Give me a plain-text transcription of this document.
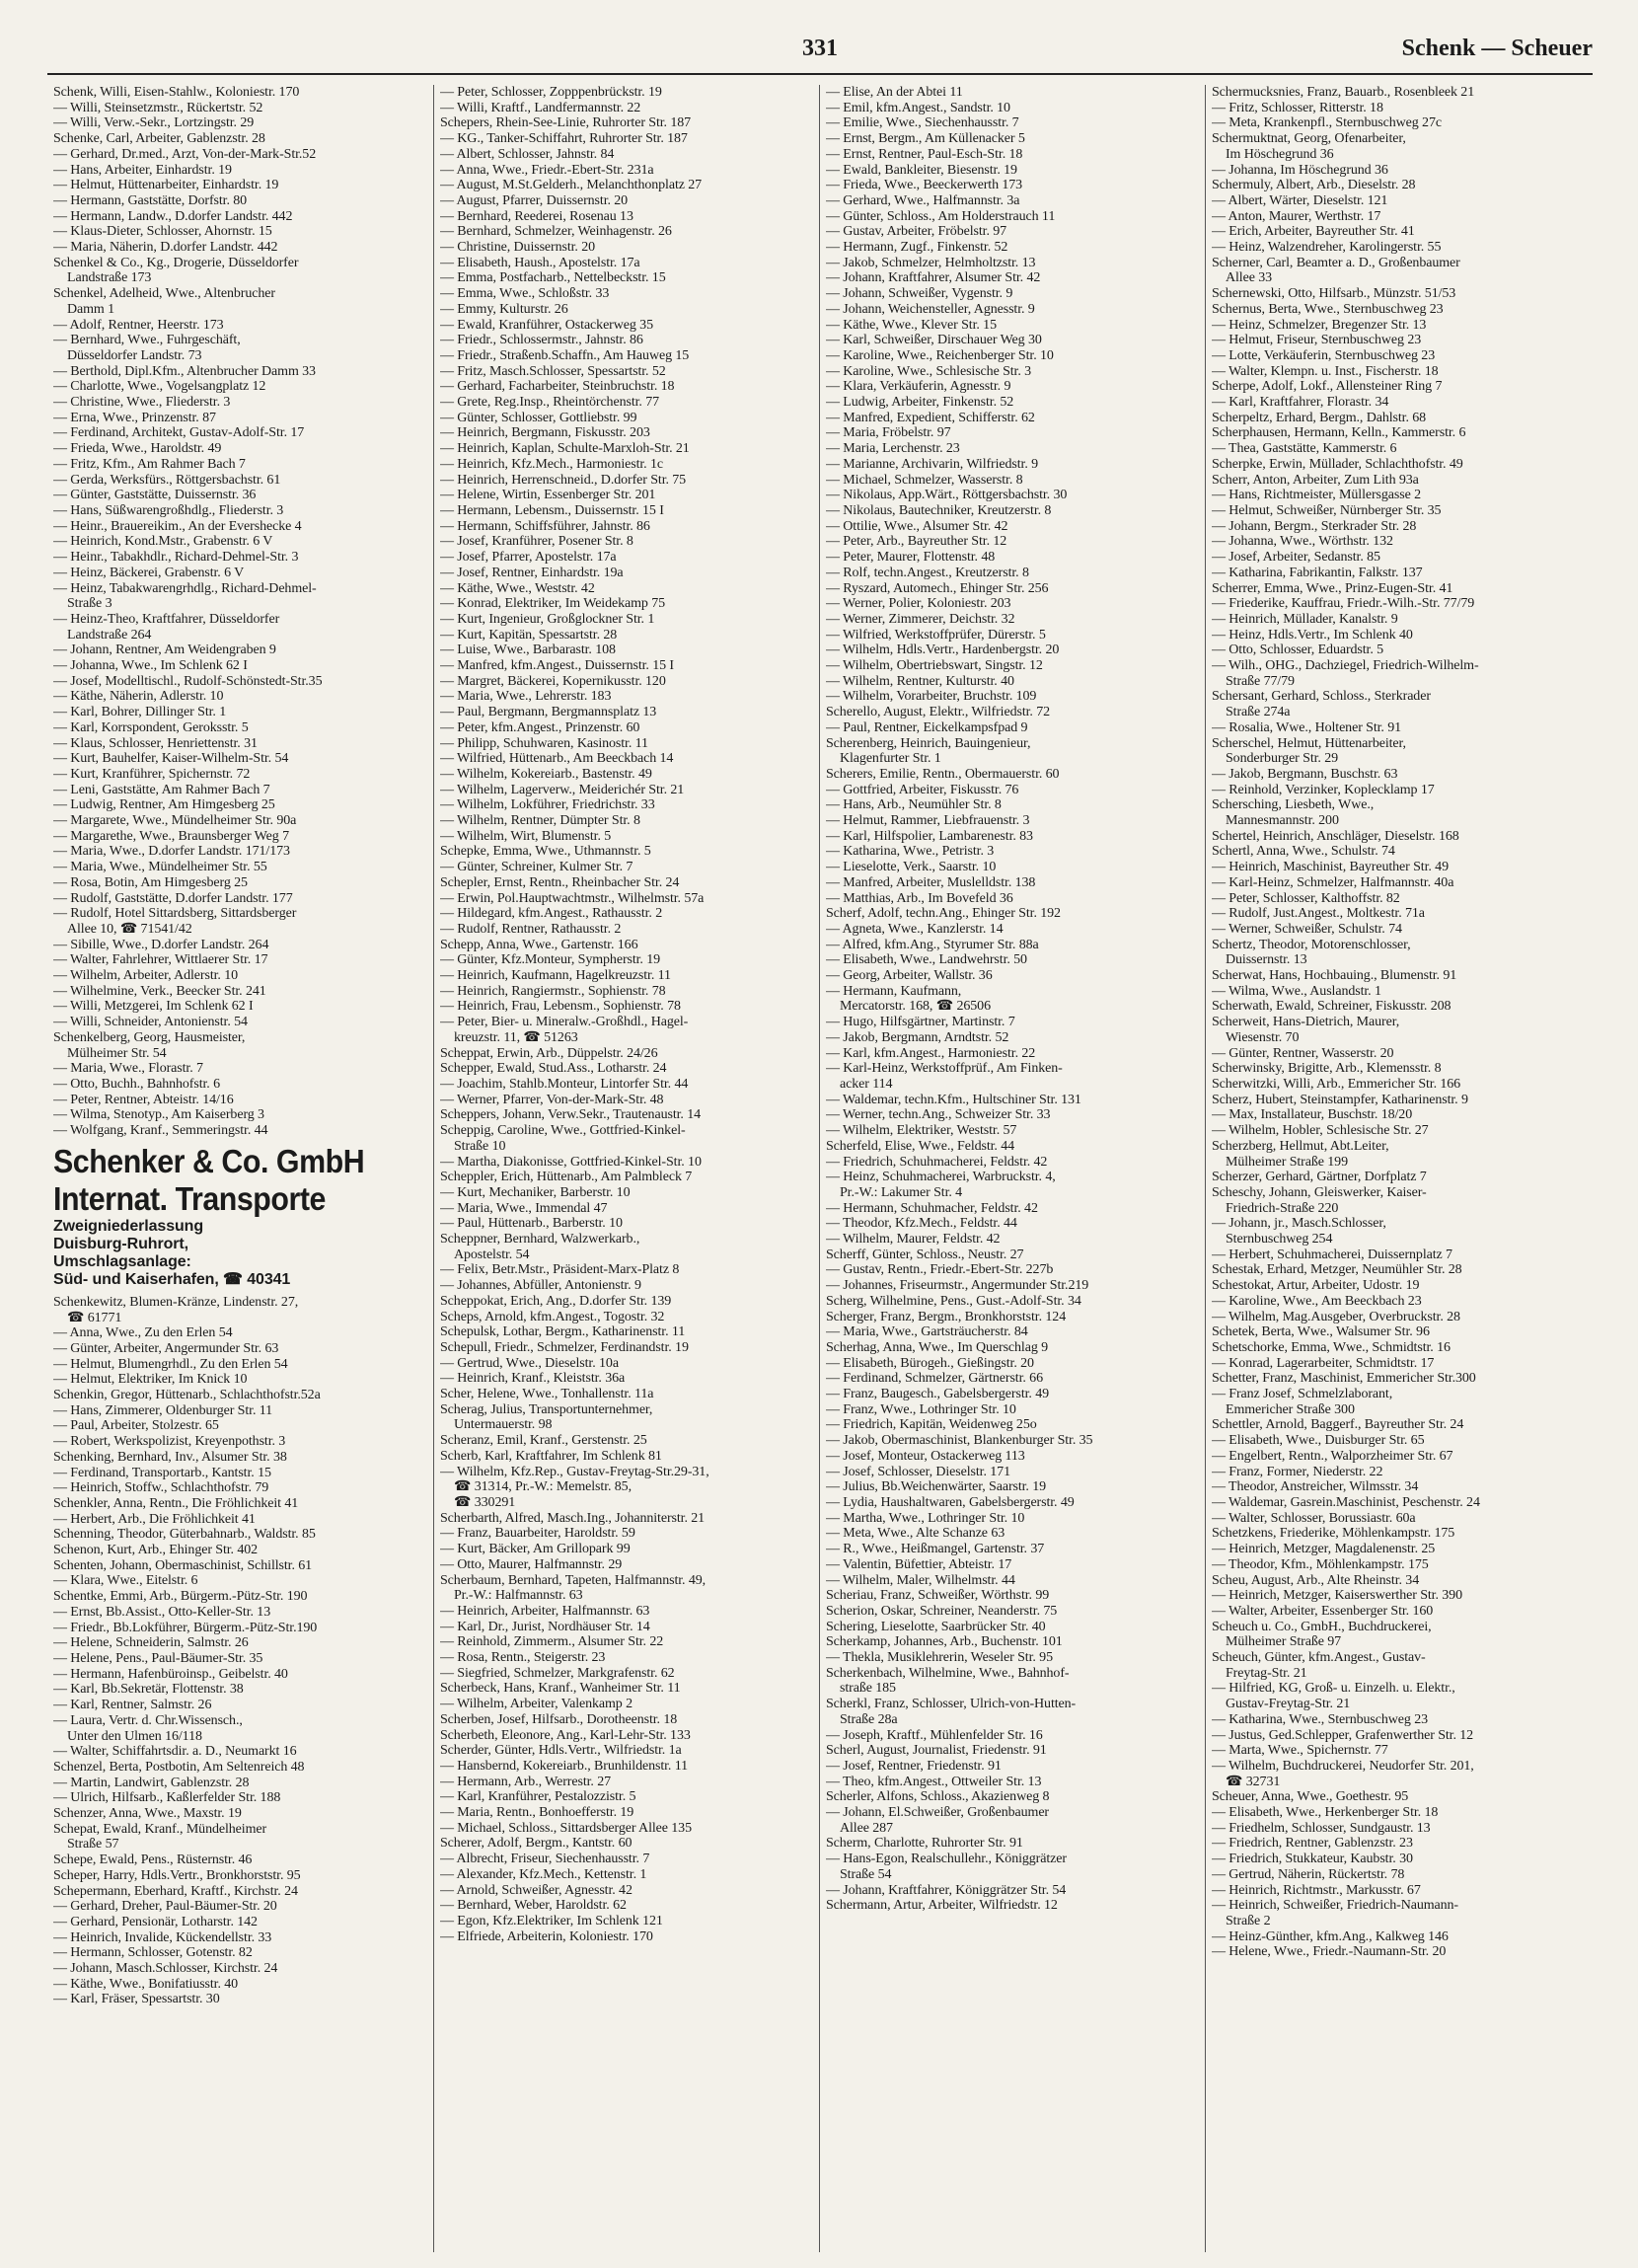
331	Schenk — Scheuer
Schenk, Willi, Eisen-Stahlw., Koloniestr. 170
— Willi, Steinsetzmstr., Rückertstr. 52
— Willi, Verw.-Sekr., Lortzingstr. 29
Schenke, Carl, Arbeiter, Gablenzstr. 28
— Gerhard, Dr.med., Arzt, Von-der-Mark-Str.52
— Hans, Arbeiter, Einhardstr. 19
— Helmut, Hüttenarbeiter, Einhardstr. 19
— Hermann, Gaststätte, Dorfstr. 80
— Hermann, Landw., D.dorfer Landstr. 442
— Klaus-Dieter, Schlosser, Ahornstr. 15
— Maria, Näherin, D.dorfer Landstr. 442
Schenkel & Co., Kg., Drogerie, Düsseldorfer
Landstraße 173
Schenkel, Adelheid, Wwe., Altenbrucher
Damm 1
— Adolf, Rentner, Heerstr. 173
— Bernhard, Wwe., Fuhrgeschäft,
Düsseldorfer Landstr. 73
— Berthold, Dipl.Kfm., Altenbrucher Damm 33
— Charlotte, Wwe., Vogelsangplatz 12
— Christine, Wwe., Fliederstr. 3
— Erna, Wwe., Prinzenstr. 87
— Ferdinand, Architekt, Gustav-Adolf-Str. 17
— Frieda, Wwe., Haroldstr. 49
— Fritz, Kfm., Am Rahmer Bach 7
— Gerda, Werksfürs., Röttgersbachstr. 61
— Günter, Gaststätte, Duissernstr. 36
— Hans, Süßwarengroßhdlg., Fliederstr. 3
— Heinr., Brauereikim., An der Evershecke 4
— Heinrich, Kond.Mstr., Grabenstr. 6 V
— Heinr., Tabakhdlr., Richard-Dehmel-Str. 3
— Heinz, Bäckerei, Grabenstr. 6 V
— Heinz, Tabakwarengrhdlg., Richard-Dehmel-
Straße 3
— Heinz-Theo, Kraftfahrer, Düsseldorfer
Landstraße 264
— Johann, Rentner, Am Weidengraben 9
— Johanna, Wwe., Im Schlenk 62 I
— Josef, Modelltischl., Rudolf-Schönstedt-Str.35
— Käthe, Näherin, Adlerstr. 10
— Karl, Bohrer, Dillinger Str. 1
— Karl, Korrspondent, Geroksstr. 5
— Klaus, Schlosser, Henriettenstr. 31
— Kurt, Bauhelfer, Kaiser-Wilhelm-Str. 54
— Kurt, Kranführer, Spichernstr. 72
— Leni, Gaststätte, Am Rahmer Bach 7
— Ludwig, Rentner, Am Himgesberg 25
— Margarete, Wwe., Mündelheimer Str. 90a
— Margarethe, Wwe., Braunsberger Weg 7
— Maria, Wwe., D.dorfer Landstr. 171/173
— Maria, Wwe., Mündelheimer Str. 55
— Rosa, Botin, Am Himgesberg 25
— Rudolf, Gaststätte, D.dorfer Landstr. 177
— Rudolf, Hotel Sittardsberg, Sittardsberger
Allee 10, ☎ 71541/42
— Sibille, Wwe., D.dorfer Landstr. 264
— Walter, Fahrlehrer, Wittlaerer Str. 17
— Wilhelm, Arbeiter, Adlerstr. 10
— Wilhelmine, Verk., Beecker Str. 241
— Willi, Metzgerei, Im Schlenk 62 I
— Willi, Schneider, Antonienstr. 54
Schenkelberg, Georg, Hausmeister,
Mülheimer Str. 54
— Maria, Wwe., Florastr. 7
— Otto, Buchh., Bahnhofstr. 6
— Peter, Rentner, Abteistr. 14/16
— Wilma, Stenotyp., Am Kaiserberg 3
— Wolfgang, Kranf., Semmeringstr. 44
Schenker & Co. GmbH
Internat. Transporte
Zweigniederlassung
Duisburg-Ruhrort,
Umschlagsanlage:
Süd- und Kaiserhafen, ☎ 40341
Schenkewitz, Blumen-Kränze, Lindenstr. 27,
☎ 61771
— Anna, Wwe., Zu den Erlen 54
— Günter, Arbeiter, Angermunder Str. 63
— Helmut, Blumengrhdl., Zu den Erlen 54
— Helmut, Elektriker, Im Knick 10
Schenkin, Gregor, Hüttenarb., Schlachthofstr.52a
— Hans, Zimmerer, Oldenburger Str. 11
— Paul, Arbeiter, Stolzestr. 65
— Robert, Werkspolizist, Kreyenpothstr. 3
Schenking, Bernhard, Inv., Alsumer Str. 38
— Ferdinand, Transportarb., Kantstr. 15
— Heinrich, Stoffw., Schlachthofstr. 79
Schenkler, Anna, Rentn., Die Fröhlichkeit 41
— Herbert, Arb., Die Fröhlichkeit 41
Schenning, Theodor, Güterbahnarb., Waldstr. 85
Schenon, Kurt, Arb., Ehinger Str. 402
Schenten, Johann, Obermaschinist, Schillstr. 61
— Klara, Wwe., Eitelstr. 6
Schentke, Emmi, Arb., Bürgerm.-Pütz-Str. 190
— Ernst, Bb.Assist., Otto-Keller-Str. 13
— Friedr., Bb.Lokführer, Bürgerm.-Pütz-Str.190
— Helene, Schneiderin, Salmstr. 26
— Helene, Pens., Paul-Bäumer-Str. 35
— Hermann, Hafenbüroinsp., Geibelstr. 40
— Karl, Bb.Sekretär, Flottenstr. 38
— Karl, Rentner, Salmstr. 26
— Laura, Vertr. d. Chr.Wissensch.,
Unter den Ulmen 16/118
— Walter, Schiffahrtsdir. a. D., Neumarkt 16
Schenzel, Berta, Postbotin, Am Seltenreich 48
— Martin, Landwirt, Gablenzstr. 28
— Ulrich, Hilfsarb., Kaßlerfelder Str. 188
Schenzer, Anna, Wwe., Maxstr. 19
Schepat, Ewald, Kranf., Mündelheimer
Straße 57
Schepe, Ewald, Pens., Rüsternstr. 46
Scheper, Harry, Hdls.Vertr., Bronkhorststr. 95
Schepermann, Eberhard, Kraftf., Kirchstr. 24
— Gerhard, Dreher, Paul-Bäumer-Str. 20
— Gerhard, Pensionär, Lotharstr. 142
— Heinrich, Invalide, Kückendellstr. 33
— Hermann, Schlosser, Gotenstr. 82
— Johann, Masch.Schlosser, Kirchstr. 24
— Käthe, Wwe., Bonifatiusstr. 40
— Karl, Fräser, Spessartstr. 30
— Peter, Schlosser, Zopppenbrückstr. 19
— Willi, Kraftf., Landfermannstr. 22
Schepers, Rhein-See-Linie, Ruhrorter Str. 187
— KG., Tanker-Schiffahrt, Ruhrorter Str. 187
— Albert, Schlosser, Jahnstr. 84
— Anna, Wwe., Friedr.-Ebert-Str. 231a
— August, M.St.Gelderh., Melanchthonplatz 27
— August, Pfarrer, Duissernstr. 20
— Bernhard, Reederei, Rosenau 13
— Bernhard, Schmelzer, Weinhagenstr. 26
— Christine, Duissernstr. 20
— Elisabeth, Haush., Apostelstr. 17a
— Emma, Postfacharb., Nettelbeckstr. 15
— Emma, Wwe., Schloßstr. 33
— Emmy, Kulturstr. 26
— Ewald, Kranführer, Ostackerweg 35
— Friedr., Schlossermstr., Jahnstr. 86
— Friedr., Straßenb.Schaffn., Am Hauweg 15
— Fritz, Masch.Schlosser, Spessartstr. 52
— Gerhard, Facharbeiter, Steinbruchstr. 18
— Grete, Reg.Insp., Rheintörchenstr. 77
— Günter, Schlosser, Gottliebstr. 99
— Heinrich, Bergmann, Fiskusstr. 203
— Heinrich, Kaplan, Schulte-Marxloh-Str. 21
— Heinrich, Kfz.Mech., Harmoniestr. 1c
— Heinrich, Herrenschneid., D.dorfer Str. 75
— Helene, Wirtin, Essenberger Str. 201
— Hermann, Lebensm., Duissernstr. 15 I
— Hermann, Schiffsführer, Jahnstr. 86
— Josef, Kranführer, Posener Str. 8
— Josef, Pfarrer, Apostelstr. 17a
— Josef, Rentner, Einhardstr. 19a
— Käthe, Wwe., Weststr. 42
— Konrad, Elektriker, Im Weidekamp 75
— Kurt, Ingenieur, Großglockner Str. 1
— Kurt, Kapitän, Spessartstr. 28
— Luise, Wwe., Barbarastr. 108
— Manfred, kfm.Angest., Duissernstr. 15 I
— Margret, Bäckerei, Kopernikusstr. 120
— Maria, Wwe., Lehrerstr. 183
— Paul, Bergmann, Bergmannsplatz 13
— Peter, kfm.Angest., Prinzenstr. 60
— Philipp, Schuhwaren, Kasinostr. 11
— Wilfried, Hüttenarb., Am Beeckbach 14
— Wilhelm, Kokereiarb., Bastenstr. 49
— Wilhelm, Lagerverw., Meiderichér Str. 21
— Wilhelm, Lokführer, Friedrichstr. 33
— Wilhelm, Rentner, Dümpter Str. 8
— Wilhelm, Wirt, Blumenstr. 5
Schepke, Emma, Wwe., Uthmannstr. 5
— Günter, Schreiner, Kulmer Str. 7
Schepler, Ernst, Rentn., Rheinbacher Str. 24
— Erwin, Pol.Hauptwachtmstr., Wilhelmstr. 57a
— Hildegard, kfm.Angest., Rathausstr. 2
— Rudolf, Rentner, Rathausstr. 2
Schepp, Anna, Wwe., Gartenstr. 166
— Günter, Kfz.Monteur, Sympherstr. 19
— Heinrich, Kaufmann, Hagelkreuzstr. 11
— Heinrich, Rangiermstr., Sophienstr. 78
— Heinrich, Frau, Lebensm., Sophienstr. 78
— Peter, Bier- u. Mineralw.-Großhdl., Hagel-
kreuzstr. 11, ☎ 51263
Scheppat, Erwin, Arb., Düppelstr. 24/26
Schepper, Ewald, Stud.Ass., Lotharstr. 24
— Joachim, Stahlb.Monteur, Lintorfer Str. 44
— Werner, Pfarrer, Von-der-Mark-Str. 48
Scheppers, Johann, Verw.Sekr., Trautenaustr. 14
Scheppig, Caroline, Wwe., Gottfried-Kinkel-
Straße 10
— Martha, Diakonisse, Gottfried-Kinkel-Str. 10
Scheppler, Erich, Hüttenarb., Am Palmbleck 7
— Kurt, Mechaniker, Barberstr. 10
— Maria, Wwe., Immendal 47
— Paul, Hüttenarb., Barberstr. 10
Scheppner, Bernhard, Walzwerkarb.,
Apostelstr. 54
— Felix, Betr.Mstr., Präsident-Marx-Platz 8
— Johannes, Abfüller, Antonienstr. 9
Scheppokat, Erich, Ang., D.dorfer Str. 139
Scheps, Arnold, kfm.Angest., Togostr. 32
Schepulsk, Lothar, Bergm., Katharinenstr. 11
Schepull, Friedr., Schmelzer, Ferdinandstr. 19
— Gertrud, Wwe., Dieselstr. 10a
— Heinrich, Kranf., Kleiststr. 36a
Scher, Helene, Wwe., Tonhallenstr. 11a
Scherag, Julius, Transportunternehmer,
Untermauerstr. 98
Scheranz, Emil, Kranf., Gerstenstr. 25
Scherb, Karl, Kraftfahrer, Im Schlenk 81
— Wilhelm, Kfz.Rep., Gustav-Freytag-Str.29-31,
☎ 31314, Pr.-W.: Memelstr. 85,
☎ 330291
Scherbarth, Alfred, Masch.Ing., Johanniterstr. 21
— Franz, Bauarbeiter, Haroldstr. 59
— Kurt, Bäcker, Am Grillopark 99
— Otto, Maurer, Halfmannstr. 29
Scherbaum, Bernhard, Tapeten, Halfmannstr. 49,
Pr.-W.: Halfmannstr. 63
— Heinrich, Arbeiter, Halfmannstr. 63
— Karl, Dr., Jurist, Nordhäuser Str. 14
— Reinhold, Zimmerm., Alsumer Str. 22
— Rosa, Rentn., Steigerstr. 23
— Siegfried, Schmelzer, Markgrafenstr. 62
Scherbeck, Hans, Kranf., Wanheimer Str. 11
— Wilhelm, Arbeiter, Valenkamp 2
Scherben, Josef, Hilfsarb., Dorotheenstr. 18
Scherbeth, Eleonore, Ang., Karl-Lehr-Str. 133
Scherder, Günter, Hdls.Vertr., Wilfriedstr. 1a
— Hansbernd, Kokereiarb., Brunhildenstr. 11
— Hermann, Arb., Werrestr. 27
— Karl, Kranführer, Pestalozzistr. 5
— Maria, Rentn., Bonhoefferstr. 19
— Michael, Schloss., Sittardsberger Allee 135
Scherer, Adolf, Bergm., Kantstr. 60
— Albrecht, Friseur, Siechenhausstr. 7
— Alexander, Kfz.Mech., Kettenstr. 1
— Arnold, Schweißer, Agnesstr. 42
— Bernhard, Weber, Haroldstr. 62
— Egon, Kfz.Elektriker, Im Schlenk 121
— Elfriede, Arbeiterin, Koloniestr. 170
— Elise, An der Abtei 11
— Emil, kfm.Angest., Sandstr. 10
— Emilie, Wwe., Siechenhausstr. 7
— Ernst, Bergm., Am Küllenacker 5
— Ernst, Rentner, Paul-Esch-Str. 18
— Ewald, Bankleiter, Biesenstr. 19
— Frieda, Wwe., Beeckerwerth 173
— Gerhard, Wwe., Halfmannstr. 3a
— Günter, Schloss., Am Holderstrauch 11
— Gustav, Arbeiter, Fröbelstr. 97
— Hermann, Zugf., Finkenstr. 52
— Jakob, Schmelzer, Helmholtzstr. 13
— Johann, Kraftfahrer, Alsumer Str. 42
— Johann, Schweißer, Vygenstr. 9
— Johann, Weichensteller, Agnesstr. 9
— Käthe, Wwe., Klever Str. 15
— Karl, Schweißer, Dirschauer Weg 30
— Karoline, Wwe., Reichenberger Str. 10
— Karoline, Wwe., Schlesische Str. 3
— Klara, Verkäuferin, Agnesstr. 9
— Ludwig, Arbeiter, Finkenstr. 52
— Manfred, Expedient, Schifferstr. 62
— Maria, Fröbelstr. 97
— Maria, Lerchenstr. 23
— Marianne, Archivarin, Wilfriedstr. 9
— Michael, Schmelzer, Wasserstr. 8
— Nikolaus, App.Wärt., Röttgersbachstr. 30
— Nikolaus, Bautechniker, Kreutzerstr. 8
— Ottilie, Wwe., Alsumer Str. 42
— Peter, Arb., Bayreuther Str. 12
— Peter, Maurer, Flottenstr. 48
— Rolf, techn.Angest., Kreutzerstr. 8
— Ryszard, Automech., Ehinger Str. 256
— Werner, Polier, Koloniestr. 203
— Werner, Zimmerer, Deichstr. 32
— Wilfried, Werkstoffprüfer, Dürerstr. 5
— Wilhelm, Hdls.Vertr., Hardenbergstr. 20
— Wilhelm, Obertriebswart, Singstr. 12
— Wilhelm, Rentner, Kulturstr. 40
— Wilhelm, Vorarbeiter, Bruchstr. 109
Scherello, August, Elektr., Wilfriedstr. 72
— Paul, Rentner, Eickelkampsfpad 9
Scherenberg, Heinrich, Bauingenieur,
Klagenfurter Str. 1
Scherers, Emilie, Rentn., Obermauerstr. 60
— Gottfried, Arbeiter, Fiskusstr. 76
— Hans, Arb., Neumühler Str. 8
— Helmut, Rammer, Liebfrauenstr. 3
— Karl, Hilfspolier, Lambarenestr. 83
— Katharina, Wwe., Petristr. 3
— Lieselotte, Verk., Saarstr. 10
— Manfred, Arbeiter, Muslelldstr. 138
— Matthias, Arb., Im Bovefeld 36
Scherf, Adolf, techn.Ang., Ehinger Str. 192
— Agneta, Wwe., Kanzlerstr. 14
— Alfred, kfm.Ang., Styrumer Str. 88a
— Elisabeth, Wwe., Landwehrstr. 50
— Georg, Arbeiter, Wallstr. 36
— Hermann, Kaufmann,
Mercatorstr. 168, ☎ 26506
— Hugo, Hilfsgärtner, Martinstr. 7
— Jakob, Bergmann, Arndtstr. 52
— Karl, kfm.Angest., Harmoniestr. 22
— Karl-Heinz, Werkstoffprüf., Am Finken-
acker 114
— Waldemar, techn.Kfm., Hultschiner Str. 131
— Werner, techn.Ang., Schweizer Str. 33
— Wilhelm, Elektriker, Weststr. 57
Scherfeld, Elise, Wwe., Feldstr. 44
— Friedrich, Schuhmacherei, Feldstr. 42
— Heinz, Schuhmacherei, Warbruckstr. 4,
Pr.-W.: Lakumer Str. 4
— Hermann, Schuhmacher, Feldstr. 42
— Theodor, Kfz.Mech., Feldstr. 44
— Wilhelm, Maurer, Feldstr. 42
Scherff, Günter, Schloss., Neustr. 27
— Gustav, Rentn., Friedr.-Ebert-Str. 227b
— Johannes, Friseurmstr., Angermunder Str.219
Scherg, Wilhelmine, Pens., Gust.-Adolf-Str. 34
Scherger, Franz, Bergm., Bronkhorststr. 124
— Maria, Wwe., Gartsträucherstr. 84
Scherhag, Anna, Wwe., Im Querschlag 9
— Elisabeth, Bürogeh., Gießingstr. 20
— Ferdinand, Schmelzer, Gärtnerstr. 66
— Franz, Baugesch., Gabelsbergerstr. 49
— Franz, Wwe., Lothringer Str. 10
— Friedrich, Kapitän, Weidenweg 25o
— Jakob, Obermaschinist, Blankenburger Str. 35
— Josef, Monteur, Ostackerweg 113
— Josef, Schlosser, Dieselstr. 171
— Julius, Bb.Weichenwärter, Saarstr. 19
— Lydia, Haushaltwaren, Gabelsbergerstr. 49
— Martha, Wwe., Lothringer Str. 10
— Meta, Wwe., Alte Schanze 63
— R., Wwe., Heißmangel, Gartenstr. 37
— Valentin, Büfettier, Abteistr. 17
— Wilhelm, Maler, Wilhelmstr. 44
Scheriau, Franz, Schweißer, Wörthstr. 99
Scherion, Oskar, Schreiner, Neanderstr. 75
Schering, Lieselotte, Saarbrücker Str. 40
Scherkamp, Johannes, Arb., Buchenstr. 101
— Thekla, Musiklehrerin, Weseler Str. 95
Scherkenbach, Wilhelmine, Wwe., Bahnhof-
straße 185
Scherkl, Franz, Schlosser, Ulrich-von-Hutten-
Straße 28a
— Joseph, Kraftf., Mühlenfelder Str. 16
Scherl, August, Journalist, Friedenstr. 91
— Josef, Rentner, Friedenstr. 91
— Theo, kfm.Angest., Ottweiler Str. 13
Scherler, Alfons, Schloss., Akazienweg 8
— Johann, El.Schweißer, Großenbaumer
Allee 287
Scherm, Charlotte, Ruhrorter Str. 91
— Hans-Egon, Realschullehr., Königgrätzer
Straße 54
— Johann, Kraftfahrer, Königgrätzer Str. 54
Schermann, Artur, Arbeiter, Wilfriedstr. 12
Schermucksnies, Franz, Bauarb., Rosenbleek 21
— Fritz, Schlosser, Ritterstr. 18
— Meta, Krankenpfl., Sternbuschweg 27c
Schermuktnat, Georg, Ofenarbeiter,
Im Höschegrund 36
— Johanna, Im Höschegrund 36
Schermuly, Albert, Arb., Dieselstr. 28
— Albert, Wärter, Dieselstr. 121
— Anton, Maurer, Werthstr. 17
— Erich, Arbeiter, Bayreuther Str. 41
— Heinz, Walzendreher, Karolingerstr. 55
Scherner, Carl, Beamter a. D., Großenbaumer
Allee 33
Schernewski, Otto, Hilfsarb., Münzstr. 51/53
Schernus, Berta, Wwe., Sternbuschweg 23
— Heinz, Schmelzer, Bregenzer Str. 13
— Helmut, Friseur, Sternbuschweg 23
— Lotte, Verkäuferin, Sternbuschweg 23
— Walter, Klempn. u. Inst., Fischerstr. 18
Scherpe, Adolf, Lokf., Allensteiner Ring 7
— Karl, Kraftfahrer, Florastr. 34
Scherpeltz, Erhard, Bergm., Dahlstr. 68
Scherphausen, Hermann, Kelln., Kammerstr. 6
— Thea, Gaststätte, Kammerstr. 6
Scherpke, Erwin, Müllader, Schlachthofstr. 49
Scherr, Anton, Arbeiter, Zum Lith 93a
— Hans, Richtmeister, Müllersgasse 2
— Helmut, Schweißer, Nürnberger Str. 35
— Johann, Bergm., Sterkrader Str. 28
— Johanna, Wwe., Wörthstr. 132
— Josef, Arbeiter, Sedanstr. 85
— Katharina, Fabrikantin, Falkstr. 137
Scherrer, Emma, Wwe., Prinz-Eugen-Str. 41
— Friederike, Kauffrau, Friedr.-Wilh.-Str. 77/79
— Heinrich, Müllader, Kanalstr. 9
— Heinz, Hdls.Vertr., Im Schlenk 40
— Otto, Schlosser, Eduardstr. 5
— Wilh., OHG., Dachziegel, Friedrich-Wilhelm-
Straße 77/79
Schersant, Gerhard, Schloss., Sterkrader
Straße 274a
— Rosalia, Wwe., Holtener Str. 91
Scherschel, Helmut, Hüttenarbeiter,
Sonderburger Str. 29
— Jakob, Bergmann, Buschstr. 63
— Reinhold, Verzinker, Koplecklamp 17
Schersching, Liesbeth, Wwe.,
Mannesmannstr. 200
Schertel, Heinrich, Anschläger, Dieselstr. 168
Schertl, Anna, Wwe., Schulstr. 74
— Heinrich, Maschinist, Bayreuther Str. 49
— Karl-Heinz, Schmelzer, Halfmannstr. 40a
— Peter, Schlosser, Kalthoffstr. 82
— Rudolf, Just.Angest., Moltkestr. 71a
— Werner, Schweißer, Schulstr. 74
Schertz, Theodor, Motorenschlosser,
Duissernstr. 13
Scherwat, Hans, Hochbauing., Blumenstr. 91
— Wilma, Wwe., Auslandstr. 1
Scherwath, Ewald, Schreiner, Fiskusstr. 208
Scherweit, Hans-Dietrich, Maurer,
Wiesenstr. 70
— Günter, Rentner, Wasserstr. 20
Scherwinsky, Brigitte, Arb., Klemensstr. 8
Scherwitzki, Willi, Arb., Emmericher Str. 166
Scherz, Hubert, Steinstampfer, Katharinenstr. 9
— Max, Installateur, Buschstr. 18/20
— Wilhelm, Hobler, Schlesische Str. 27
Scherzberg, Hellmut, Abt.Leiter,
Mülheimer Straße 199
Scherzer, Gerhard, Gärtner, Dorfplatz 7
Scheschy, Johann, Gleiswerker, Kaiser-
Friedrich-Straße 220
— Johann, jr., Masch.Schlosser,
Sternbuschweg 254
— Herbert, Schuhmacherei, Duissernplatz 7
Schestak, Erhard, Metzger, Neumühler Str. 28
Schestokat, Artur, Arbeiter, Udostr. 19
— Karoline, Wwe., Am Beeckbach 23
— Wilhelm, Mag.Ausgeber, Overbruckstr. 28
Schetek, Berta, Wwe., Walsumer Str. 96
Schetschorke, Emma, Wwe., Schmidtstr. 16
— Konrad, Lagerarbeiter, Schmidtstr. 17
Schetter, Franz, Maschinist, Emmericher Str.300
— Franz Josef, Schmelzlaborant,
Emmericher Straße 300
Schettler, Arnold, Baggerf., Bayreuther Str. 24
— Elisabeth, Wwe., Duisburger Str. 65
— Engelbert, Rentn., Walporzheimer Str. 67
— Franz, Former, Niederstr. 22
— Theodor, Anstreicher, Wilmsstr. 34
— Waldemar, Gasrein.Maschinist, Peschenstr. 24
— Walter, Schlosser, Borussiastr. 60a
Schetzkens, Friederike, Möhlenkampstr. 175
— Heinrich, Metzger, Magdalenenstr. 25
— Theodor, Kfm., Möhlenkampstr. 175
Scheu, August, Arb., Alte Rheinstr. 34
— Heinrich, Metzger, Kaiserswerther Str. 390
— Walter, Arbeiter, Essenberger Str. 160
Scheuch u. Co., GmbH., Buchdruckerei,
Mülheimer Straße 97
Scheuch, Günter, kfm.Angest., Gustav-
Freytag-Str. 21
— Hilfried, KG, Groß- u. Einzelh. u. Elektr.,
Gustav-Freytag-Str. 21
— Katharina, Wwe., Sternbuschweg 23
— Justus, Ged.Schlepper, Grafenwerther Str. 12
— Marta, Wwe., Spichernstr. 77
— Wilhelm, Buchdruckerei, Neudorfer Str. 201,
☎ 32731
Scheuer, Anna, Wwe., Goethestr. 95
— Elisabeth, Wwe., Herkenberger Str. 18
— Friedhelm, Schlosser, Sundgaustr. 13
— Friedrich, Rentner, Gablenzstr. 23
— Friedrich, Stukkateur, Kaubstr. 30
— Gertrud, Näherin, Rückertstr. 78
— Heinrich, Richtmstr., Markusstr. 67
— Heinrich, Schweißer, Friedrich-Naumann-
Straße 2
— Heinz-Günther, kfm.Ang., Kalkweg 146
— Helene, Wwe., Friedr.-Naumann-Str. 20
